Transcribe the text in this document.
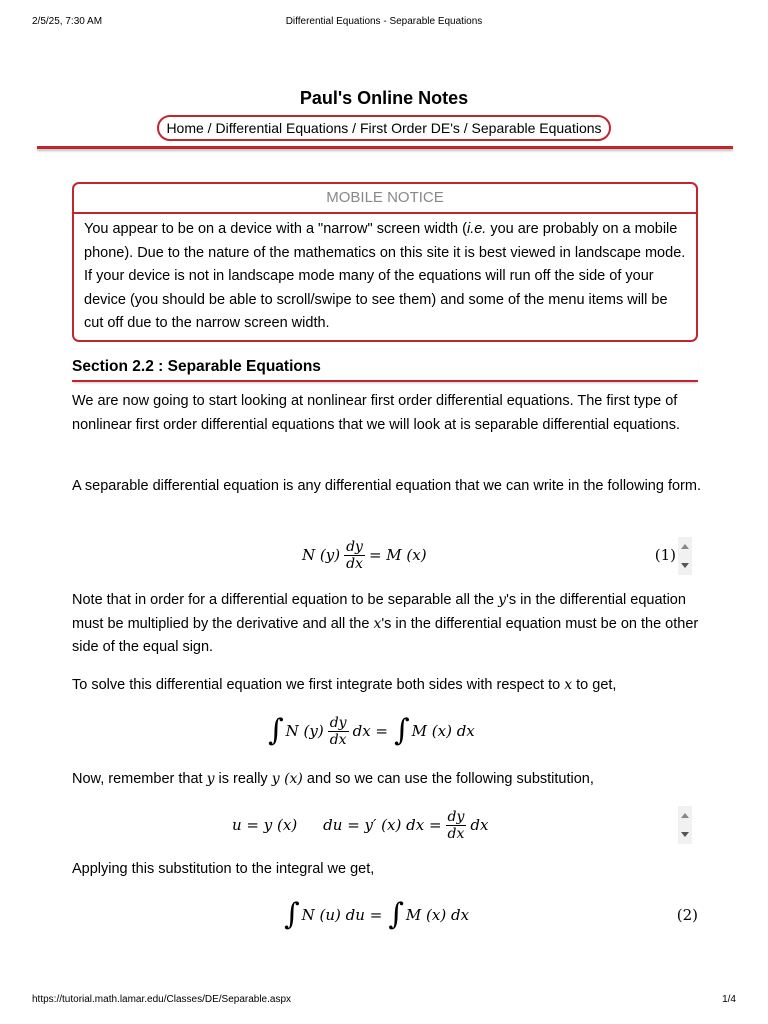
2/5/25, 7:30 AM	Differential Equations - Separable Equations
Paul's Online Notes
Home / Differential Equations / First Order DE's / Separable Equations
MOBILE NOTICE
You appear to be on a device with a "narrow" screen width (i.e. you are probably on a mobile phone). Due to the nature of the mathematics on this site it is best viewed in landscape mode. If your device is not in landscape mode many of the equations will run off the side of your device (you should be able to scroll/swipe to see them) and some of the menu items will be cut off due to the narrow screen width.
Section 2.2 : Separable Equations
We are now going to start looking at nonlinear first order differential equations. The first type of nonlinear first order differential equations that we will look at is separable differential equations.
A separable differential equation is any differential equation that we can write in the following form.
N $(y) \frac{dy}{dx} = M$ (x)	(1)
Note that in order for a differential equation to be separable all the y's in the differential equation must be multiplied by the derivative and all the x's in the differential equation must be on the other side of the equal sign.
To solve this differential equation we first integrate both sides with respect to x to get,
∫ N $(y) \frac{dy}{dx}$ dx = ∫ M (x) dx
Now, remember that y is really y (x) and so we can use the following substitution,
u = y (x) du = y′ (x) dx = $\frac{dy}{dx}$ dx
Applying this substitution to the integral we get,
∫ N (u) du = ∫ M (x) dx	(2)
https://tutorial.math.lamar.edu/Classes/DE/Separable.aspx	1/4
